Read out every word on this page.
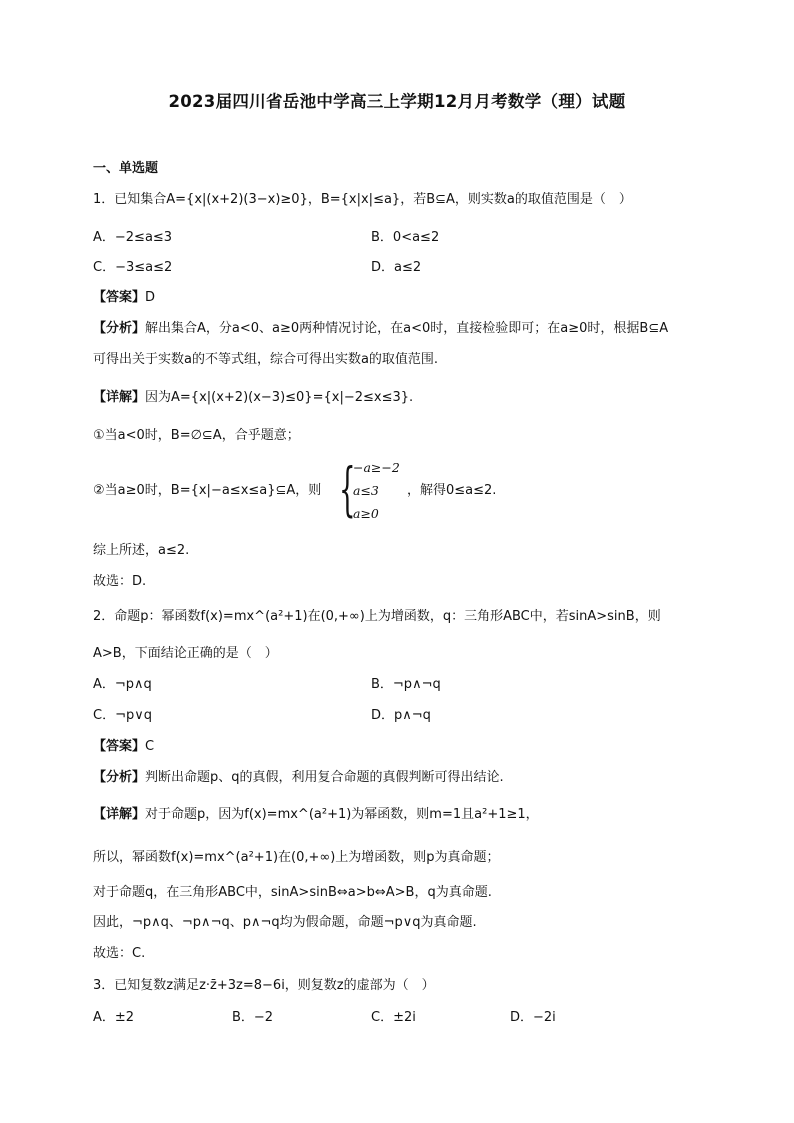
2023届四川省岳池中学高三上学期12月月考数学（理）试题
一、单选题
1．已知集合A={x|(x+2)(3−x)≥0}，B={x|x|≤a}，若B⊆A，则实数a的取值范围是（　）
A．−2≤a≤3	B．0<a≤2
C．−3≤a≤2	D．a≤2
【答案】D
【分析】解出集合A，分a<0、a≥0两种情况讨论，在a<0时，直接检验即可；在a≥0时，根据B⊆A
可得出关于实数a的不等式组，综合可得出实数a的取值范围.
【详解】因为A={x|(x+2)(x−3)≤0}={x|−2≤x≤3}.
①当a<0时，B=∅⊆A，合乎题意；
②当a≥0时，B={x|−a≤x≤a}⊆A，则 {
−a≥−2
a≤3
a≥0
，解得0≤a≤2.
综上所述，a≤2.
故选：D.
2．命题p：幂函数f(x)=mx^(a²+1)在(0,+∞)上为增函数，q：三角形ABC中，若sinA>sinB，则
A>B，下面结论正确的是（　）
A．¬p∧q	B．¬p∧¬q
C．¬p∨q	D．p∧¬q
【答案】C
【分析】判断出命题p、q的真假，利用复合命题的真假判断可得出结论.
【详解】对于命题p，因为f(x)=mx^(a²+1)为幂函数，则m=1且a²+1≥1，
所以，幂函数f(x)=mx^(a²+1)在(0,+∞)上为增函数，则p为真命题；
对于命题q，在三角形ABC中，sinA>sinB⇔a>b⇔A>B，q为真命题.
因此，¬p∧q、¬p∧¬q、p∧¬q均为假命题，命题¬p∨q为真命题.
故选：C.
3．已知复数z满足z·z̄+3z=8−6i，则复数z的虚部为（　）
A．±2	B．−2	C．±2i	D．−2i
